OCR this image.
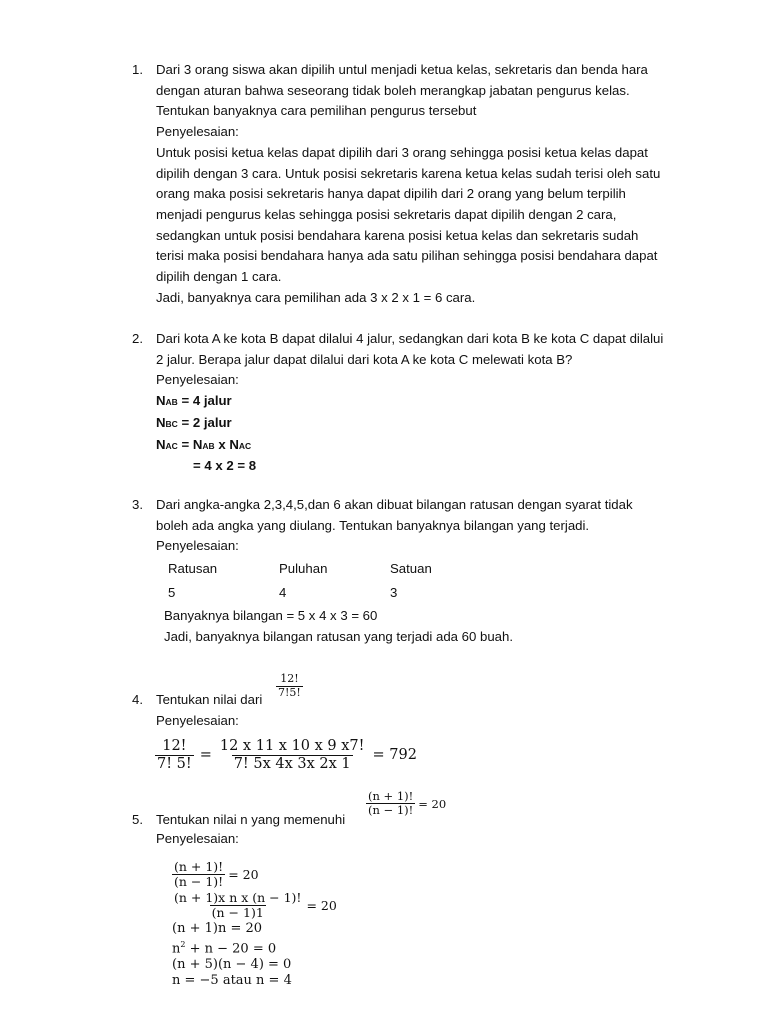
1. Dari 3 orang siswa akan dipilih untul menjadi ketua kelas, sekretaris dan benda hara

dengan aturan bahwa seseorang tidak boleh merangkap jabatan pengurus kelas.

Tentukan banyaknya cara pemilihan pengurus tersebut

Penyelesaian:

Untuk posisi ketua kelas dapat dipilih dari 3 orang sehingga posisi ketua kelas dapat

dipilih dengan 3 cara. Untuk posisi sekretaris karena ketua kelas sudah terisi oleh satu

orang maka posisi sekretaris hanya dapat dipilih dari 2 orang yang belum terpilih

menjadi pengurus kelas sehingga posisi sekretaris dapat dipilih dengan 2 cara,

sedangkan untuk posisi bendahara karena posisi ketua kelas dan sekretaris sudah

terisi maka posisi bendahara hanya ada satu pilihan sehingga posisi bendahara dapat

dipilih dengan 1 cara.

Jadi, banyaknya cara pemilihan ada 3 x 2 x 1 = 6 cara.

2. Dari kota A ke kota B dapat dilalui 4 jalur, sedangkan dari kota B ke kota C dapat dilalui

2 jalur. Berapa jalur dapat dilalui dari kota A ke kota C melewati kota B?

Penyelesaian:

NAB = 4 jalur

NBC = 2 jalur

NAC = NAB x NAC

= 4 x 2 = 8

3. Dari angka-angka 2,3,4,5,dan 6 akan dibuat bilangan ratusan dengan syarat tidak

boleh ada angka yang diulang. Tentukan banyaknya bilangan yang terjadi.

Penyelesaian:

Ratusan	Puluhan	Satuan
5	4	3

Banyaknya bilangan = 5 x 4 x 3 = 60

Jadi, banyaknya bilangan ratusan yang terjadi ada 60 buah.

4. Tentukan nilai dari
$\frac{12!}{7!5!}$

Penyelesaian:

$\frac{12!}{7! 5!} = \frac{12 x 11 x 10 x 9 x7!}{7! 5x 4x 3x 2x 1} = 792$
5. Tentukan nilai n yang memenuhi
$\frac{(n + 1)!}{(n - 1)!} = 20$

Penyelesaian:

$\frac{(n + 1)!}{(n - 1)!} = 20$
$\frac{\text{(n + 1)x n x (n − 1)!}}{(n - 1)1} = 20$
(n + 1)n = 20
$n^2 + n - 20 = 0$
(n + 5)(n − 4) = 0
n = −5 atau n = 4
